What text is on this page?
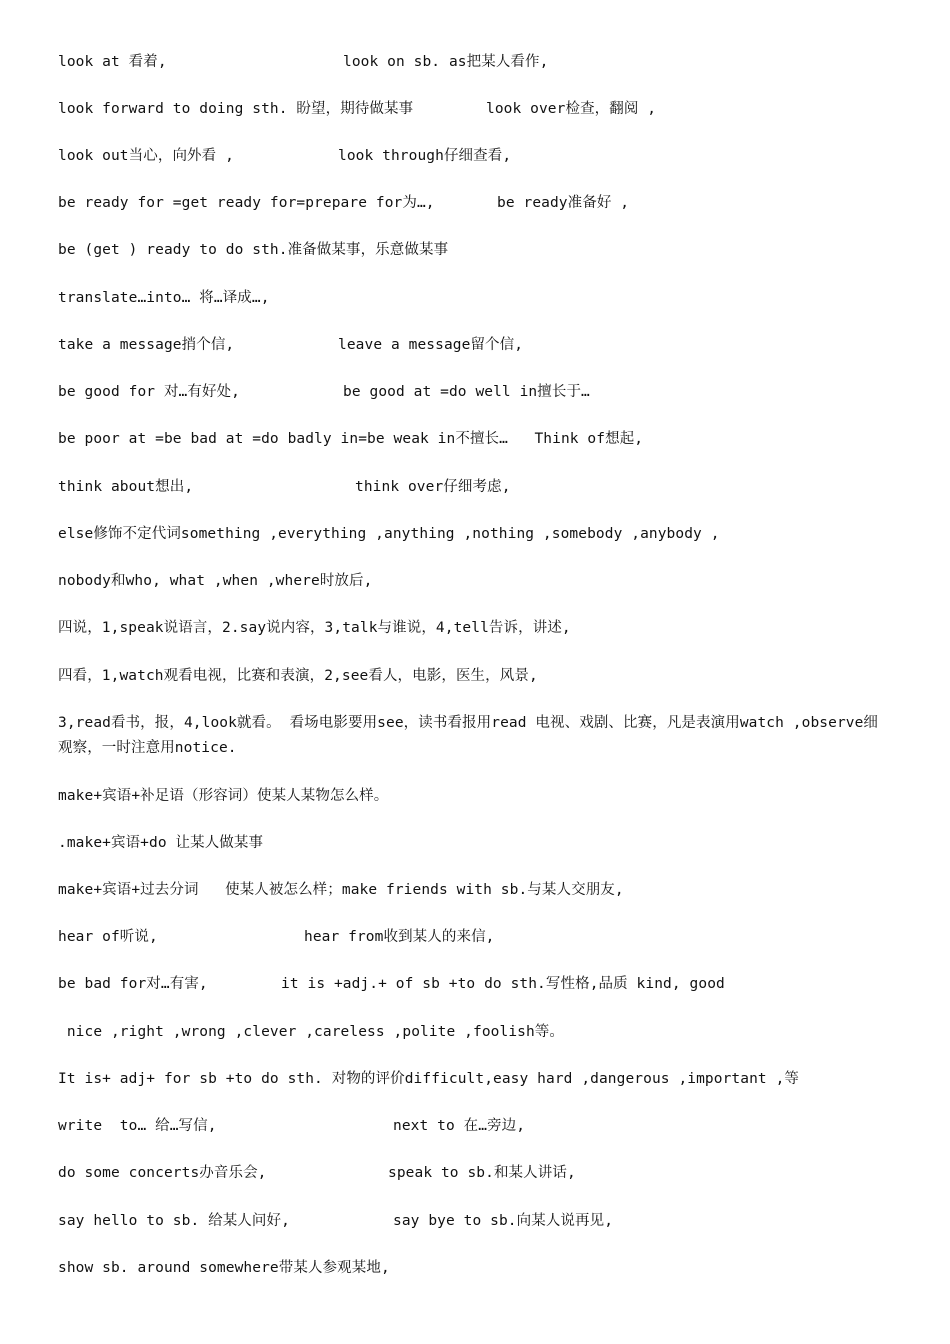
look at 看着,	look on sb. as把某人看作,
look forward to doing sth. 盼望，期待做某事	look over检查，翻阅 ,
look out当心，向外看 ,	look through仔细查看,
be ready for =get ready for=prepare for为…,	be ready准备好 ,
be (get ) ready to do sth.准备做某事，乐意做某事
translate…into… 将…译成…,
take a message捎个信,	leave a message留个信,
be good for 对…有好处,	be good at =do well in擅长于…
be poor at =be bad at =do badly in=be weak in不擅长…   Think of想起,
think about想出,	think over仔细考虑,
else修饰不定代词something ,everything ,anything ,nothing ,somebody ,anybody ,
nobody和who, what ,when ,where时放后,
四说，1,speak说语言，2.say说内容，3,talk与谁说，4,tell告诉，讲述,
四看，1,watch观看电视，比赛和表演，2,see看人，电影，医生，风景,
3,read看书，报，4,look就看。 看场电影要用see，读书看报用read 电视、戏剧、比赛，凡是表演用watch ,observe细观察，一时注意用notice.
make+宾语+补足语（形容词）使某人某物怎么样。
.make+宾语+do 让某人做某事
make+宾语+过去分词   使某人被怎么样；make friends with sb.与某人交朋友,
hear of听说,	hear from收到某人的来信,
be bad for对…有害,	it is +adj.+ of sb +to do sth.写性格,品质 kind, good
nice ,right ,wrong ,clever ,careless ,polite ,foolish等。
It is+ adj+ for sb +to do sth. 对物的评价difficult,easy hard ,dangerous ,important ,等
write  to… 给…写信,	next to 在…旁边,
do some concerts办音乐会,	speak to sb.和某人讲话,
say hello to sb. 给某人问好,	say bye to sb.向某人说再见,
show sb. around somewhere带某人参观某地,
